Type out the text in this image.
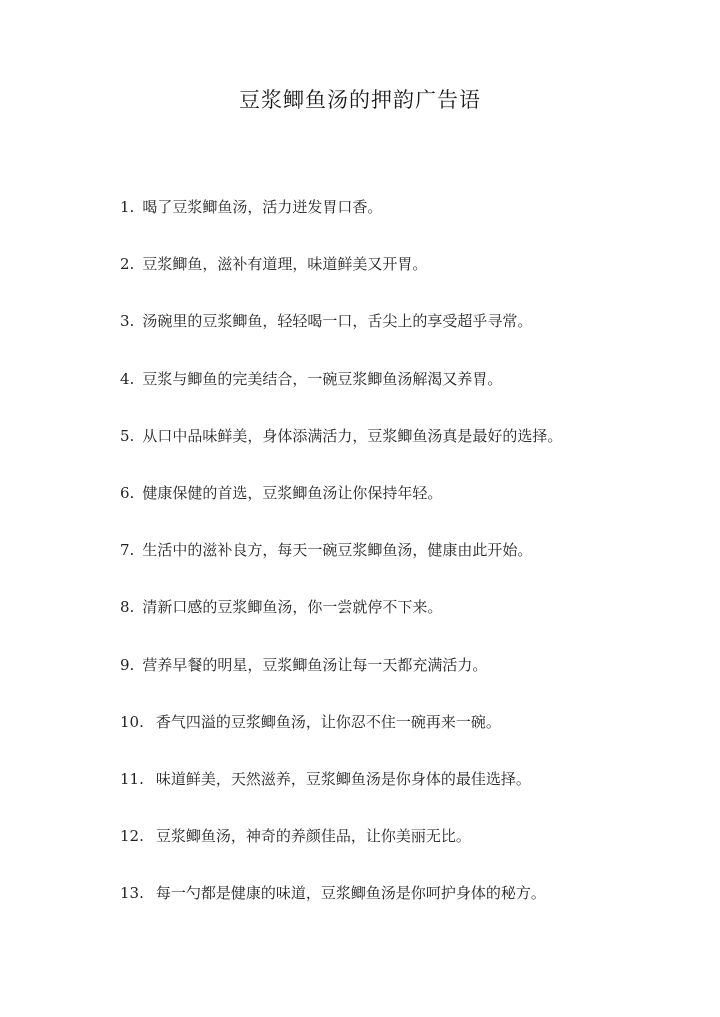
豆浆鲫鱼汤的押韵广告语
1. 喝了豆浆鲫鱼汤，活力迸发胃口香。
2. 豆浆鲫鱼，滋补有道理，味道鲜美又开胃。
3. 汤碗里的豆浆鲫鱼，轻轻喝一口，舌尖上的享受超乎寻常。
4. 豆浆与鲫鱼的完美结合，一碗豆浆鲫鱼汤解渴又养胃。
5. 从口中品味鲜美，身体添满活力，豆浆鲫鱼汤真是最好的选择。
6. 健康保健的首选，豆浆鲫鱼汤让你保持年轻。
7. 生活中的滋补良方，每天一碗豆浆鲫鱼汤，健康由此开始。
8. 清新口感的豆浆鲫鱼汤，你一尝就停不下来。
9. 营养早餐的明星，豆浆鲫鱼汤让每一天都充满活力。
10. 香气四溢的豆浆鲫鱼汤，让你忍不住一碗再来一碗。
11. 味道鲜美，天然滋养，豆浆鲫鱼汤是你身体的最佳选择。
12. 豆浆鲫鱼汤，神奇的养颜佳品，让你美丽无比。
13. 每一勺都是健康的味道，豆浆鲫鱼汤是你呵护身体的秘方。
